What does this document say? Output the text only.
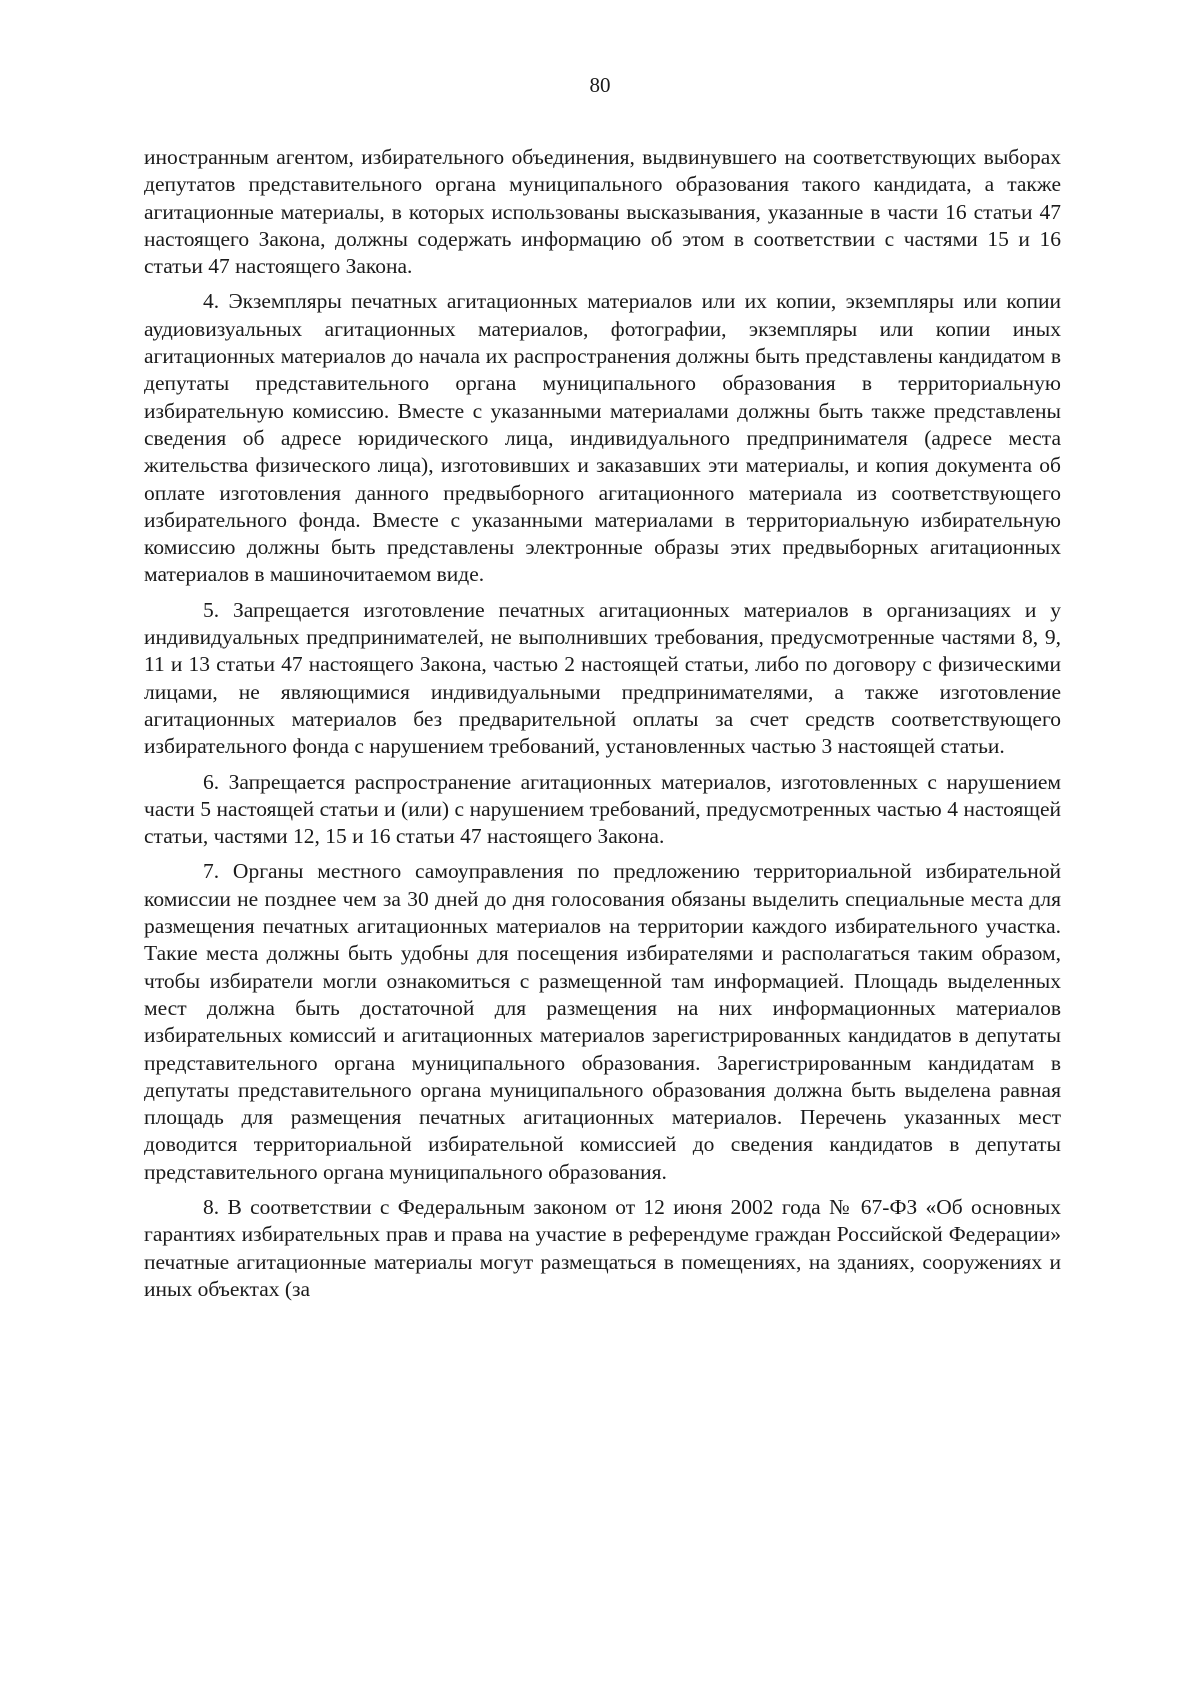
80

иностранным агентом, избирательного объединения, выдвинувшего на соответствующих выборах депутатов представительного органа муниципального образования такого кандидата, а также агитационные материалы, в которых использованы высказывания, указанные в части 16 статьи 47 настоящего Закона, должны содержать информацию об этом в соответствии с частями 15 и 16 статьи 47 настоящего Закона.

4. Экземпляры печатных агитационных материалов или их копии, экземпляры или копии аудиовизуальных агитационных материалов, фотографии, экземпляры или копии иных агитационных материалов до начала их распространения должны быть представлены кандидатом в депутаты представительного органа муниципального образования в территориальную избирательную комиссию. Вместе с указанными материалами должны быть также представлены сведения об адресе юридического лица, индивидуального предпринимателя (адресе места жительства физического лица), изготовивших и заказавших эти материалы, и копия документа об оплате изготовления данного предвыборного агитационного материала из соответствующего избирательного фонда. Вместе с указанными материалами в территориальную избирательную комиссию должны быть представлены электронные образы этих предвыборных агитационных материалов в машиночитаемом виде.

5. Запрещается изготовление печатных агитационных материалов в организациях и у индивидуальных предпринимателей, не выполнивших требования, предусмотренные частями 8, 9, 11 и 13 статьи 47 настоящего Закона, частью 2 настоящей статьи, либо по договору с физическими лицами, не являющимися индивидуальными предпринимателями, а также изготовление агитационных материалов без предварительной оплаты за счет средств соответствующего избирательного фонда с нарушением требований, установленных частью 3 настоящей статьи.

6. Запрещается распространение агитационных материалов, изготовленных с нарушением части 5 настоящей статьи и (или) с нарушением требований, предусмотренных частью 4 настоящей статьи, частями 12, 15 и 16 статьи 47 настоящего Закона.

7. Органы местного самоуправления по предложению территориальной избирательной комиссии не позднее чем за 30 дней до дня голосования обязаны выделить специальные места для размещения печатных агитационных материалов на территории каждого избирательного участка. Такие места должны быть удобны для посещения избирателями и располагаться таким образом, чтобы избиратели могли ознакомиться с размещенной там информацией. Площадь выделенных мест должна быть достаточной для размещения на них информационных материалов избирательных комиссий и агитационных материалов зарегистрированных кандидатов в депутаты представительного органа муниципального образования. Зарегистрированным кандидатам в депутаты представительного органа муниципального образования должна быть выделена равная площадь для размещения печатных агитационных материалов. Перечень указанных мест доводится территориальной избирательной комиссией до сведения кандидатов в депутаты представительного органа муниципального образования.

8. В соответствии с Федеральным законом от 12 июня 2002 года № 67-ФЗ «Об основных гарантиях избирательных прав и права на участие в референдуме граждан Российской Федерации» печатные агитационные материалы могут размещаться в помещениях, на зданиях, сооружениях и иных объектах (за
